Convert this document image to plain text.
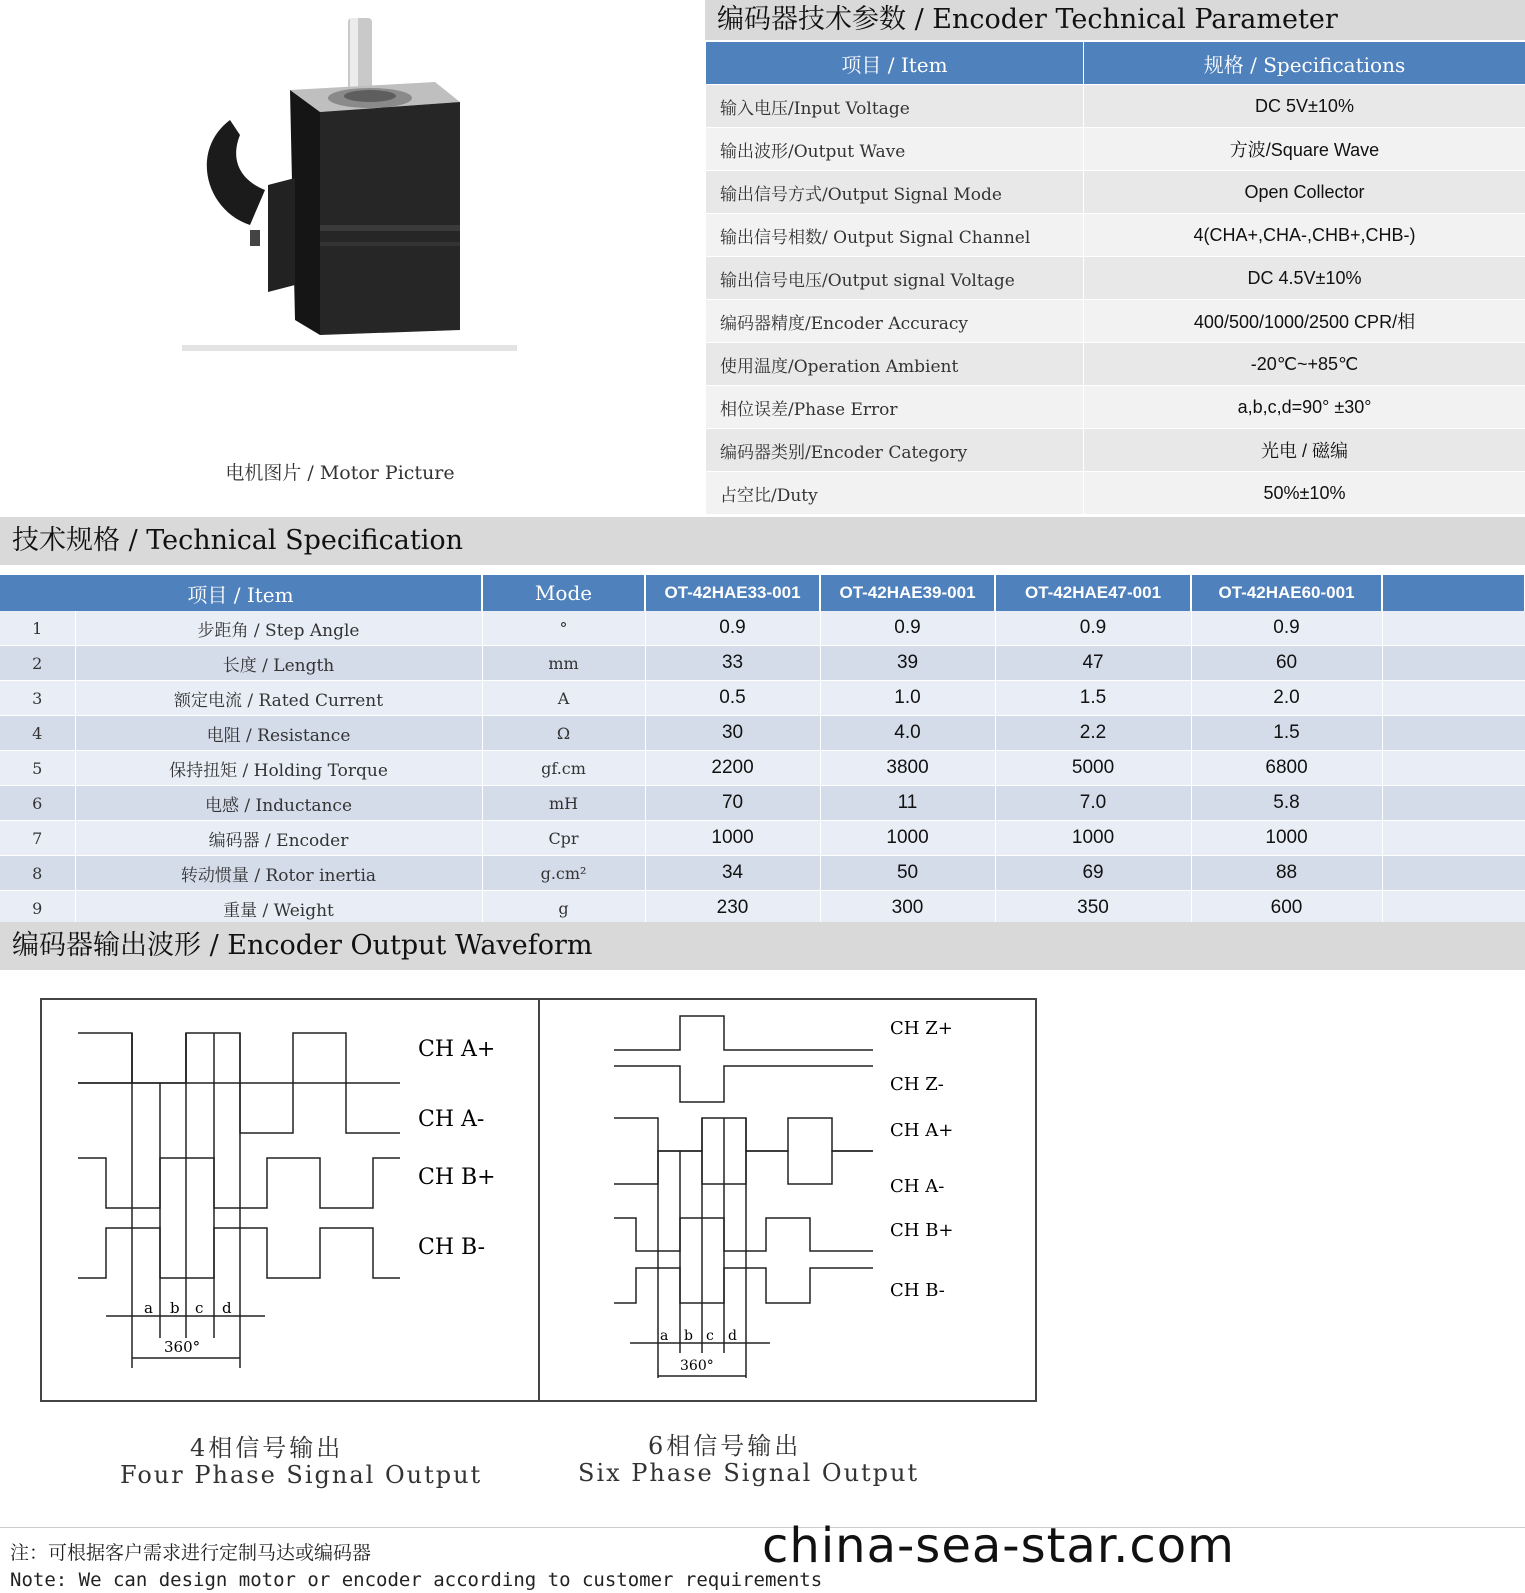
电机图片 / Motor Picture
编码器技术参数 / Encoder Technical Parameter
项目 / Item	规格 / Specifications
输入电压/Input Voltage	DC 5V±10%
输出波形/Output Wave	方波/Square Wave
输出信号方式/Output Signal Mode	Open Collector
输出信号相数/ Output Signal Channel	4(CHA+,CHA-,CHB+,CHB-)
输出信号电压/Output signal Voltage	DC 4.5V±10%
编码器精度/Encoder Accuracy	400/500/1000/2500 CPR/相
使用温度/Operation Ambient	-20℃~+85℃
相位误差/Phase Error	a,b,c,d=90° ±30°
编码器类别/Encoder Category	光电 / 磁编
占空比/Duty	50%±10%
技术规格 / Technical Specification
项目 / Item		Mode	OT-42HAE33-001	OT-42HAE39-001	OT-42HAE47-001	OT-42HAE60-001	
1	步距角 / Step Angle	°	0.9	0.9	0.9	0.9	
2	长度 / Length	mm	33	39	47	60	
3	额定电流 / Rated Current	A	0.5	1.0	1.5	2.0	
4	电阻 / Resistance	Ω	30	4.0	2.2	1.5	
5	保持扭矩 / Holding Torque	gf.cm	2200	3800	5000	6800	
6	电感 / Inductance	mH	70	11	7.0	5.8	
7	编码器 / Encoder	Cpr	1000	1000	1000	1000	
8	转动惯量 / Rotor inertia	g.cm²	34	50	69	88	
9	重量 / Weight	g	230	300	350	600	
编码器输出波形 / Encoder Output Waveform
a b c d
360°
CH A+
CH A-
CH B+
CH B-
a b c d
360°
CH Z+
CH Z-
CH A+
CH A-
CH B+
CH B-
4相信号输出
Four Phase Signal Output
6相信号输出
Six Phase Signal Output
注：可根据客户需求进行定制马达或编码器
Note: We can design motor or encoder according to customer requirements
china-sea-star.com
